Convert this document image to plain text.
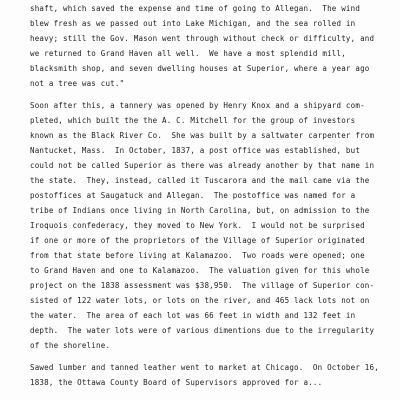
shaft, which saved the expense and time of going to Allegan.  The wind
blew fresh as we passed out into Lake Michigan, and the sea rolled in
heavy; still the Gov. Mason went through without check or difficulty, and
we returned to Grand Haven all well.  We have a most splendid mill,
blacksmith shop, and seven dwelling houses at Superior, where a year ago
not a tree was cut."
Soon after this, a tannery was opened by Henry Knox and a shipyard com-
pleted, which built the the A. C. Mitchell for the group of investors
known as the Black River Co.  She was built by a saltwater carpenter from
Nantucket, Mass.  In October, 1837, a post office was established, but
could not be called Superior as there was already another by that name in
the state.  They, instead, called it Tuscarora and the mail came via the
postoffices at Saugatuck and Allegan.  The postoffice was named for a
tribe of Indians once living in North Carolina, but, on admission to the
Iroquois confederacy, they moved to New York.  I would not be surprised
if one or more of the proprietors of the Village of Superior originated
from that state before living at Kalamazoo.  Two roads were opened; one
to Grand Haven and one to Kalamazoo.  The valuation given for this whole
project on the 1838 assessment was $38,950.  The village of Superior con-
sisted of 122 water lots, or lots on the river, and 465 lack lots not on
the water.  The area of each lot was 66 feet in width and 132 feet in
depth.  The water lots were of various dimentions due to the irregularity
of the shoreline.
Sawed lumber and tanned leather went to market at Chicago.  On October 16,
1838, the Ottawa County Board of Supervisors approved for a...
